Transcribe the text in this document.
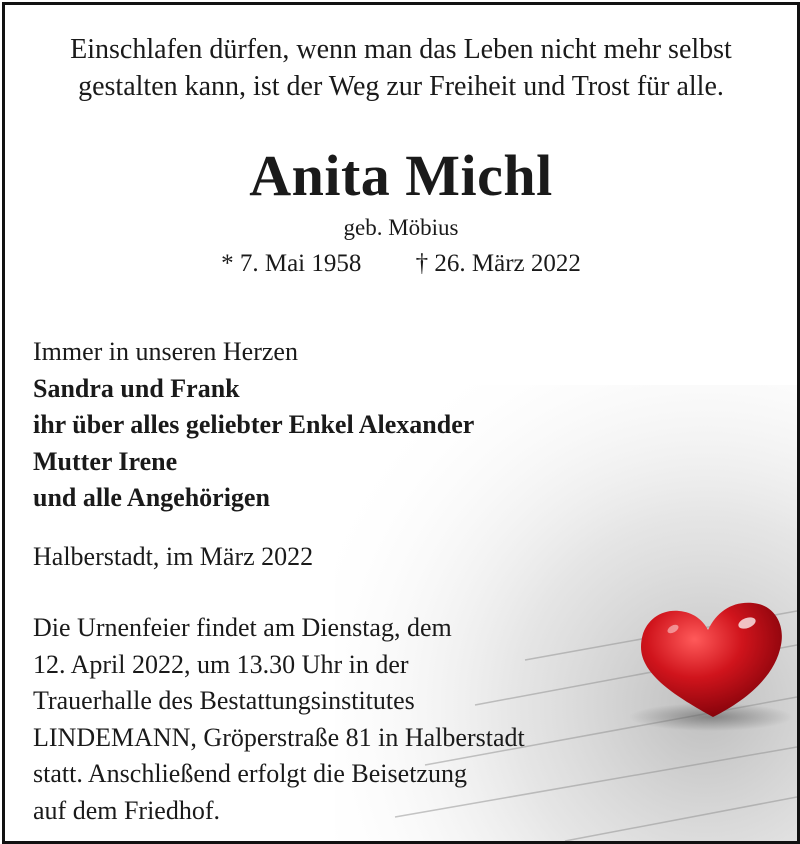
Einschlafen dürfen, wenn man das Leben nicht mehr selbst
gestalten kann, ist der Weg zur Freiheit und Trost für alle.
Anita Michl
geb. Möbius
* 7. Mai 1958 † 26. März 2022
Immer in unseren Herzen
Sandra und Frank
ihr über alles geliebter Enkel Alexander
Mutter Irene
und alle Angehörigen
Halberstadt, im März 2022
Die Urnenfeier findet am Dienstag, dem
12. April 2022, um 13.30 Uhr in der
Trauerhalle des Bestattungsinstitutes
LINDEMANN, Gröperstraße 81 in Halberstadt
statt. Anschließend erfolgt die Beisetzung
auf dem Friedhof.
